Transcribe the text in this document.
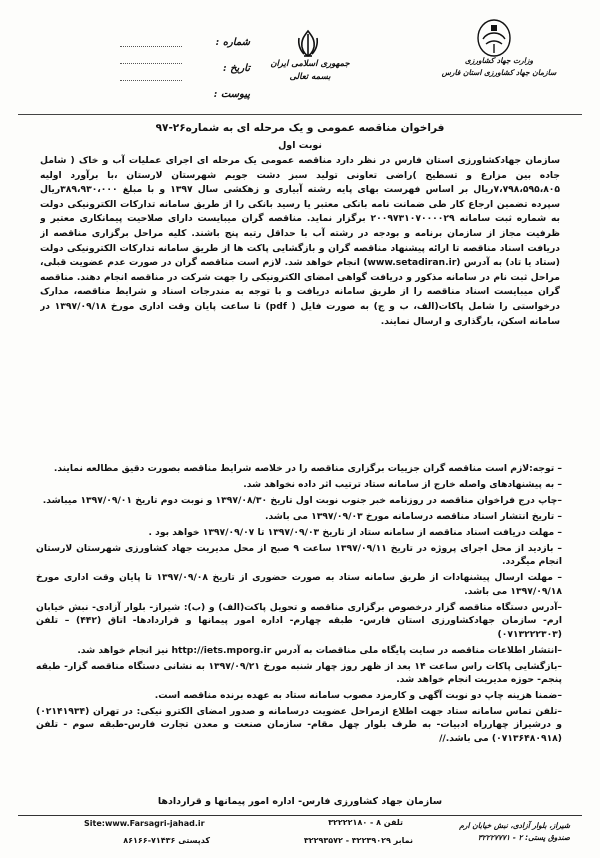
شماره :
تاریخ :
پیوست :
جمهوری اسلامی ایران
بسمه تعالی
وزارت جهاد کشاورزی
سازمان جهاد کشاورزی استان فارس
فراخوان مناقصه عمومی و یک مرحله ای به شماره۲۶-۹۷
نوبت اول
سازمان جهادکشاورزی استان فارس در نظر دارد مناقصه عمومی یک مرحله ای اجرای عملیات آب و خاک ( شامل جاده بین مزارع و تسطیح )راضی تعاونی تولید سبز دشت جویم شهرستان لارستان ،با برآورد اولیه ۷،۷۹۸،۵۹۵،۸۰۵ریال بر اساس فهرست بهای پایه رشته آبیاری و زهکشی سال ۱۳۹۷ و با مبلغ ۳۸۹،۹۳۰،۰۰۰ریال سپرده تضمین ارجاع کار طی ضمانت نامه بانکی معتبر یا رسید بانکی را از طریق سامانه تدارکات الکترونیکی دولت به شماره ثبت سامانه ۲۰۰۹۷۳۱۰۷۰۰۰۰۲۹ برگزار نماید. مناقصه گران میبایست دارای صلاحیت پیمانکاری معتبر و ظرفیت مجاز از سازمان برنامه و بودجه در رشته آب با حداقل رتبه پنج باشند. کلیه مراحل برگزاری مناقصه از دریافت اسناد مناقصه تا ارائه پیشنهاد مناقصه گران و بازگشایی پاکت ها از طریق سامانه تدارکات الکترونیکی دولت (ستاد یا تاد) به آدرس (www.setadiran.ir) انجام خواهد شد. لازم است مناقصه گران در صورت عدم عضویت قبلی، مراحل ثبت نام در سامانه مذکور و دریافت گواهی امضای الکترونیکی را جهت شرکت در مناقصه انجام دهند. مناقصه گران میبایست اسناد مناقصه را از طریق سامانه دریافت و با توجه به مندرجات اسناد و شرایط مناقصه، مدارک درخواستی را شامل پاکات(الف، ب و ج) به صورت فایل ( pdf) تا ساعت پایان وقت اداری مورخ ۱۳۹۷/۰۹/۱۸ در سامانه اسکن، بارگذاری و ارسال نمایند.
– توجه:لازم است مناقصه گران جزییات برگزاری مناقصه را در خلاصه شرایط مناقصه بصورت دقیق مطالعه نمایند.
– به پیشنهادهای واصله خارج از سامانه ستاد ترتیب اثر داده نخواهد شد.
–چاپ درج فراخوان مناقصه در روزنامه خبر جنوب نوبت اول تاریخ ۱۳۹۷/۰۸/۳۰ و نوبت دوم تاریخ ۱۳۹۷/۰۹/۰۱ میباشد.
– تاریخ انتشار اسناد مناقصه درسامانه مورخ ۱۳۹۷/۰۹/۰۳ می باشد.
– مهلت دریافت اسناد مناقصه از سامانه ستاد از تاریخ ۱۳۹۷/۰۹/۰۳ تا ۱۳۹۷/۰۹/۰۷ خواهد بود .
– بازدید از محل اجرای پروژه در تاریخ ۱۳۹۷/۰۹/۱۱ ساعت ۹ صبح از محل مدیریت جهاد کشاورزی شهرستان لارستان انجام میگردد.
– مهلت ارسال پیشنهادات از طریق سامانه ستاد به صورت حضوری از تاریخ ۱۳۹۷/۰۹/۰۸ تا پایان وقت اداری مورخ ۱۳۹۷/۰۹/۱۸ می باشد.
–آدرس دستگاه مناقصه گزار درخصوص برگزاری مناقصه و تحویل پاکت(الف) و (ب): شیراز- بلوار آزادی- نبش خیابان ارم- سازمان جهادکشاورزی استان فارس- طبقه چهارم- اداره امور پیمانها و قراردادها- اتاق (۴۴۲) – تلفن (۰۷۱۳۲۲۲۳۰۳)
–انتشار اطلاعات مناقصه در سایت پایگاه ملی مناقصات به آدرس http://iets.mporg.ir نیز انجام خواهد شد.
–بازگشایی پاکات راس ساعت ۱۴ بعد از ظهر روز چهار شنبه مورخ ۱۳۹۷/۰۹/۲۱ به نشانی دستگاه مناقصه گزار- طبقه پنجم- حوزه مدیریت انجام خواهد شد.
–ضمنا هزینه چاپ دو نوبت آگهی و کارمزد مصوب سامانه ستاد به عهده برنده مناقصه است.
–تلفن تماس سامانه ستاد جهت اطلاع ازمراحل عضویت درسامانه و صدور امضای الکترو نیکی: در تهران (۰۲۱۴۱۹۳۴) و درشیراز چهارراه ادبیات- به طرف بلوار چهل مقام- سازمان صنعت و معدن تجارت فارس-طبقه سوم - تلفن (۰۷۱۳۶۴۸۰۹۱۸) می باشد.//
سازمان جهاد کشاورزی فارس- اداره امور پیمانها و قراردادها
Site:www.Farsagri-jahad.ir	تلفن ۸ - ۳۲۲۲۲۱۸۰
کدپستی ۷۱۴۳۶-۸۶۱۶۶	نمابر ۳۲۲۳۹۰۲۹ - ۳۲۲۹۳۵۷۲
شیراز، بلوار آزادی، نبش خیابان ارم
صندوق پستی: ۲ - ۳۲۲۲۷۷۷۱
